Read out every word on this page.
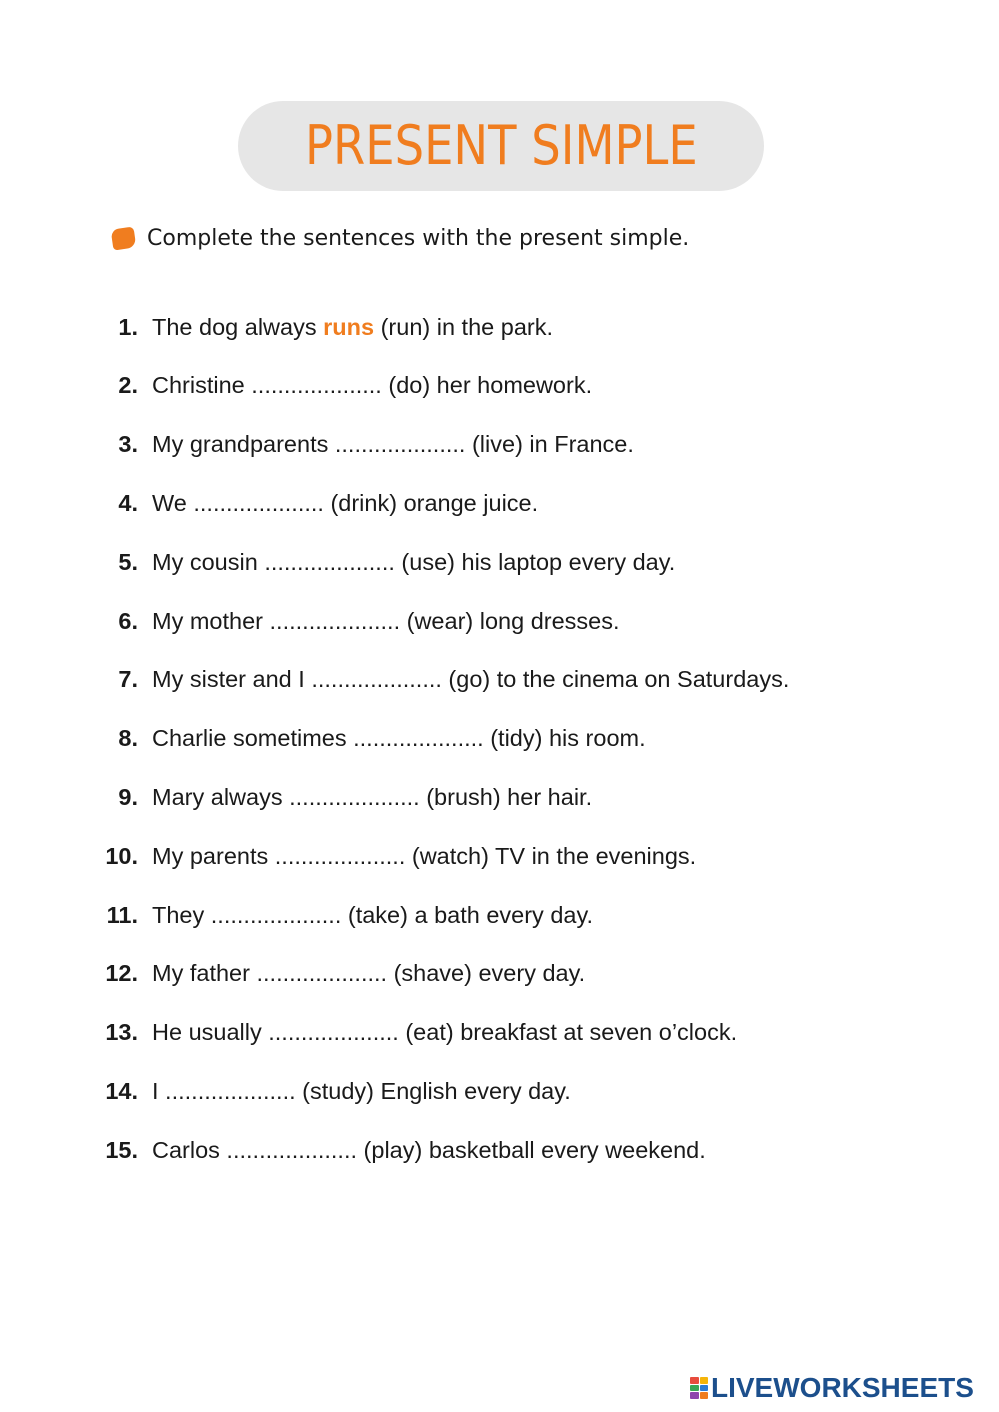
PRESENT SIMPLE
Complete the sentences with the present simple.
1. The dog always runs (run) in the park.
2. Christine .................... (do) her homework.
3. My grandparents .................... (live) in France.
4. We .................... (drink) orange juice.
5. My cousin .................... (use) his laptop every day.
6. My mother .................... (wear) long dresses.
7. My sister and I .................... (go) to the cinema on Saturdays.
8. Charlie sometimes .................... (tidy) his room.
9. Mary always .................... (brush) her hair.
10. My parents .................... (watch) TV in the evenings.
11. They .................... (take) a bath every day.
12. My father .................... (shave) every day.
13. He usually .................... (eat) breakfast at seven o’clock.
14. I .................... (study) English every day.
15. Carlos .................... (play) basketball every weekend.
LIVEWORKSHEETS
